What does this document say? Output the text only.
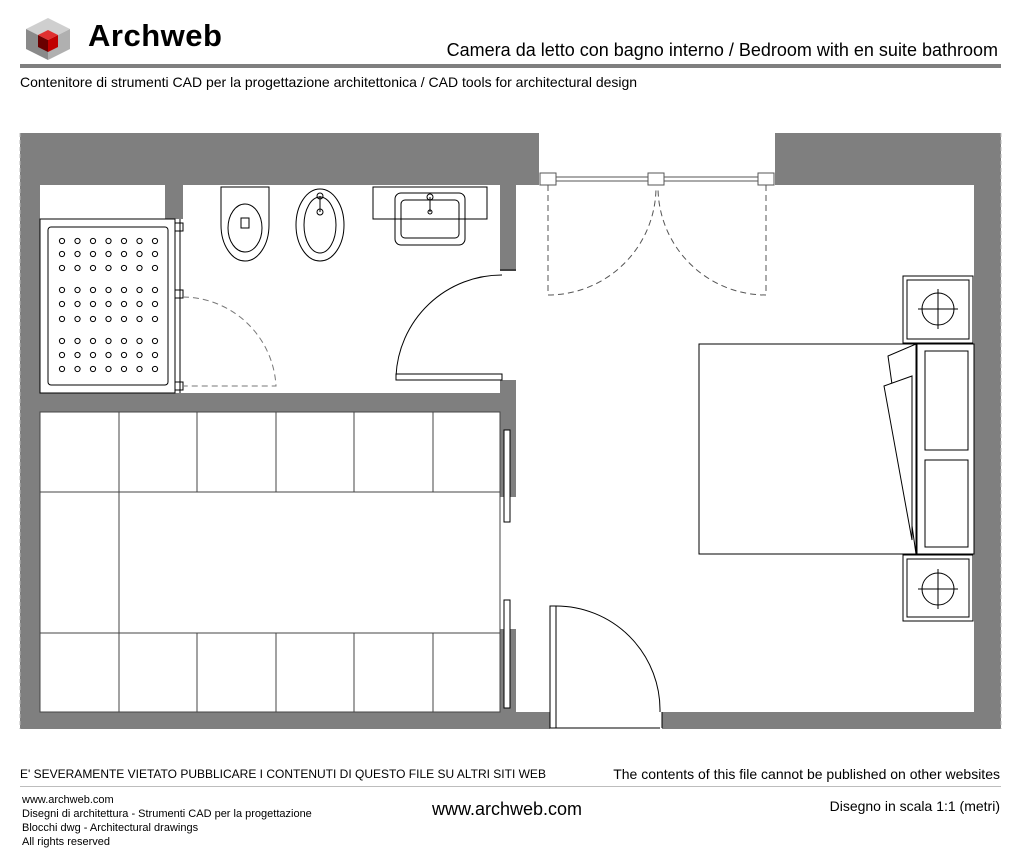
Archweb	Camera da letto con bagno interno / Bedroom with en suite bathroom
Contenitore di strumenti CAD per la progettazione architettonica / CAD tools for architectural design
E' SEVERAMENTE VIETATO PUBBLICARE I CONTENUTI DI QUESTO FILE SU ALTRI SITI WEB	The contents of this file cannot be published on other websites
www.archweb.com
Disegni di architettura - Strumenti CAD per la progettazione
Blocchi dwg - Architectural drawings
All rights reserved
www.archweb.com	Disegno in scala 1:1 (metri)
